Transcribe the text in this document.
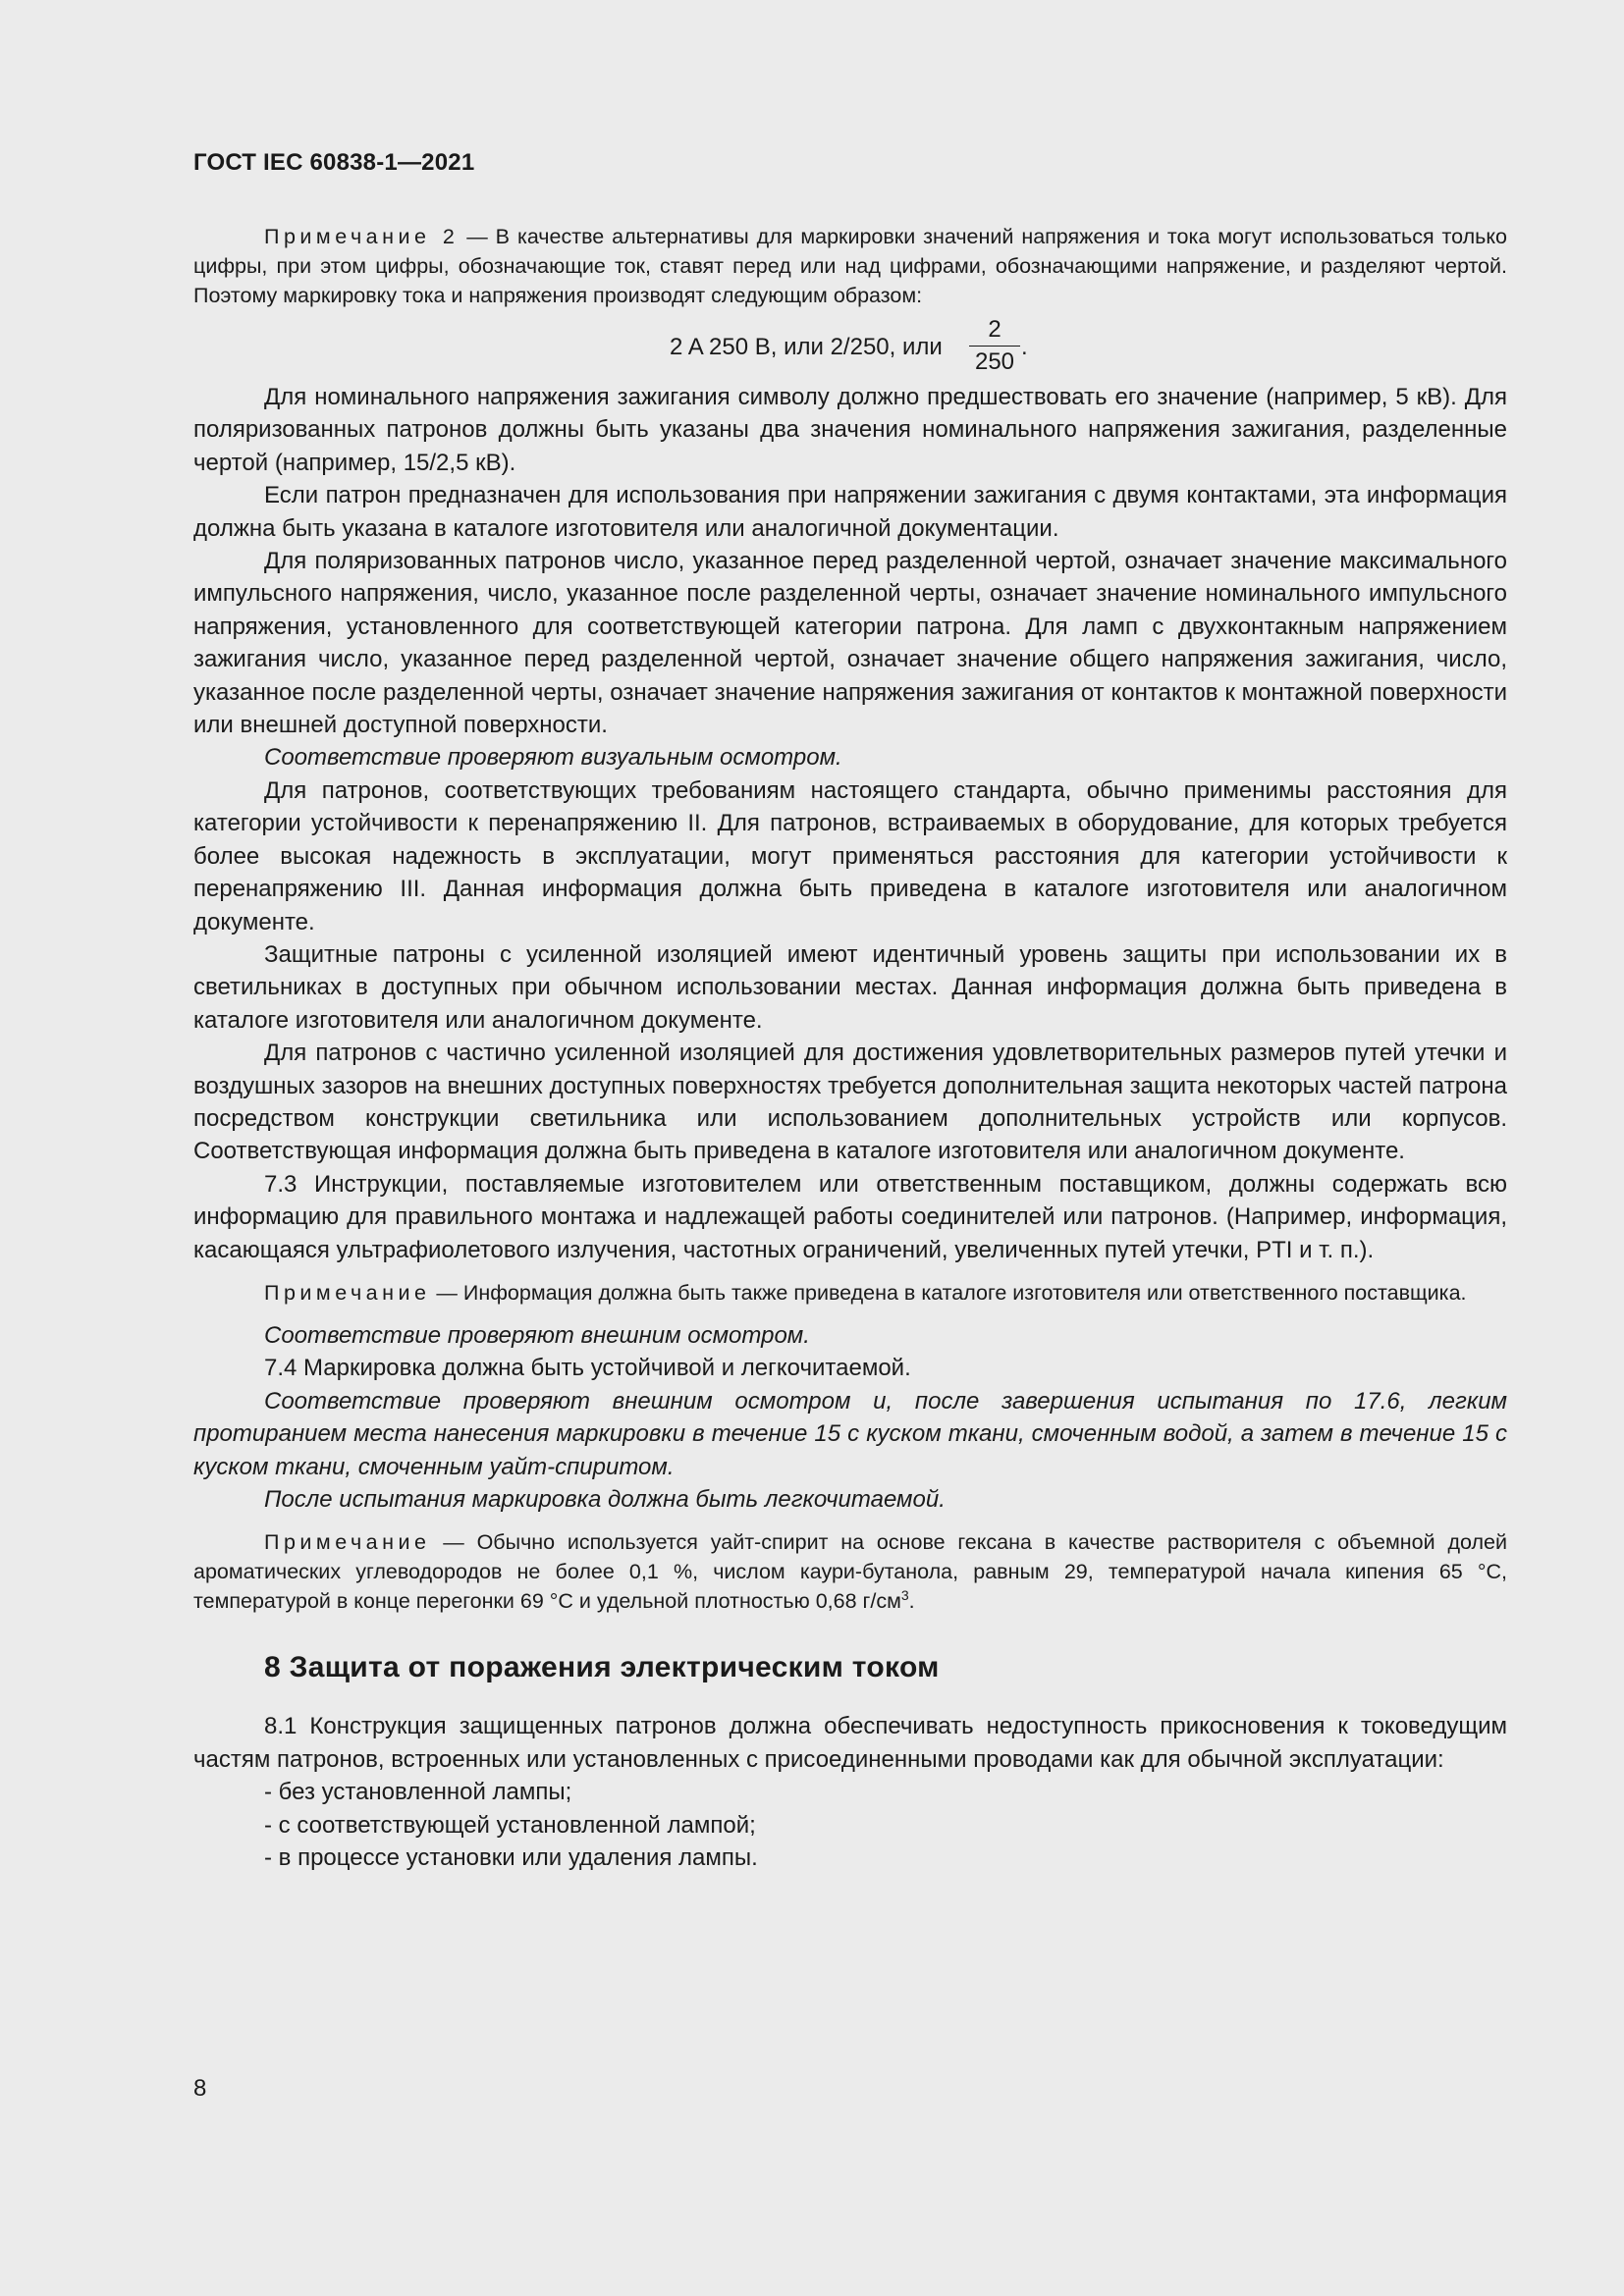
ГОСТ IEC 60838-1—2021

Примечание 2 — В качестве альтернативы для маркировки значений напряжения и тока могут использоваться только цифры, при этом цифры, обозначающие ток, ставят перед или над цифрами, обозначающими напряжение, и разделяют чертой. Поэтому маркировку тока и напряжения производят следующим образом:

2 A 250 B, или 2/250, или
2
250
.

Для номинального напряжения зажигания символу должно предшествовать его значение (например, 5 кВ). Для поляризованных патронов должны быть указаны два значения номинального напряжения зажигания, разделенные чертой (например, 15/2,5 кВ).

Если патрон предназначен для использования при напряжении зажигания с двумя контактами, эта информация должна быть указана в каталоге изготовителя или аналогичной документации.

Для поляризованных патронов число, указанное перед разделенной чертой, означает значение максимального импульсного напряжения, число, указанное после разделенной черты, означает значение номинального импульсного напряжения, установленного для соответствующей категории патрона. Для ламп с двухконтакным напряжением зажигания число, указанное перед разделенной чертой, означает значение общего напряжения зажигания, число, указанное после разделенной черты, означает значение напряжения зажигания от контактов к монтажной поверхности или внешней доступной поверхности.

Соответствие проверяют визуальным осмотром.

Для патронов, соответствующих требованиям настоящего стандарта, обычно применимы расстояния для категории устойчивости к перенапряжению II. Для патронов, встраиваемых в оборудование, для которых требуется более высокая надежность в эксплуатации, могут применяться расстояния для категории устойчивости к перенапряжению III. Данная информация должна быть приведена в каталоге изготовителя или аналогичном документе.

Защитные патроны с усиленной изоляцией имеют идентичный уровень защиты при использовании их в светильниках в доступных при обычном использовании местах. Данная информация должна быть приведена в каталоге изготовителя или аналогичном документе.

Для патронов с частично усиленной изоляцией для достижения удовлетворительных размеров путей утечки и воздушных зазоров на внешних доступных поверхностях требуется дополнительная защита некоторых частей патрона посредством конструкции светильника или использованием дополнительных устройств или корпусов. Соответствующая информация должна быть приведена в каталоге изготовителя или аналогичном документе.

7.3 Инструкции, поставляемые изготовителем или ответственным поставщиком, должны содержать всю информацию для правильного монтажа и надлежащей работы соединителей или патронов. (Например, информация, касающаяся ультрафиолетового излучения, частотных ограничений, увеличенных путей утечки, PTI и т. п.).

Примечание — Информация должна быть также приведена в каталоге изготовителя или ответственного поставщика.

Соответствие проверяют внешним осмотром.

7.4 Маркировка должна быть устойчивой и легкочитаемой.

Соответствие проверяют внешним осмотром и, после завершения испытания по 17.6, легким протиранием места нанесения маркировки в течение 15 с куском ткани, смоченным водой, а затем в течение 15 с куском ткани, смоченным уайт-спиритом.

После испытания маркировка должна быть легкочитаемой.

Примечание — Обычно используется уайт-спирит на основе гексана в качестве растворителя с объемной долей ароматических углеводородов не более 0,1 %, числом каури-бутанола, равным 29, температурой начала кипения 65 °C, температурой в конце перегонки 69 °C и удельной плотностью 0,68 $г/см^3$.

8 Защита от поражения электрическим током

8.1 Конструкция защищенных патронов должна обеспечивать недоступность прикосновения к токоведущим частям патронов, встроенных или установленных с присоединенными проводами как для обычной эксплуатации:

- без установленной лампы;
- с соответствующей установленной лампой;
- в процессе установки или удаления лампы.
8
